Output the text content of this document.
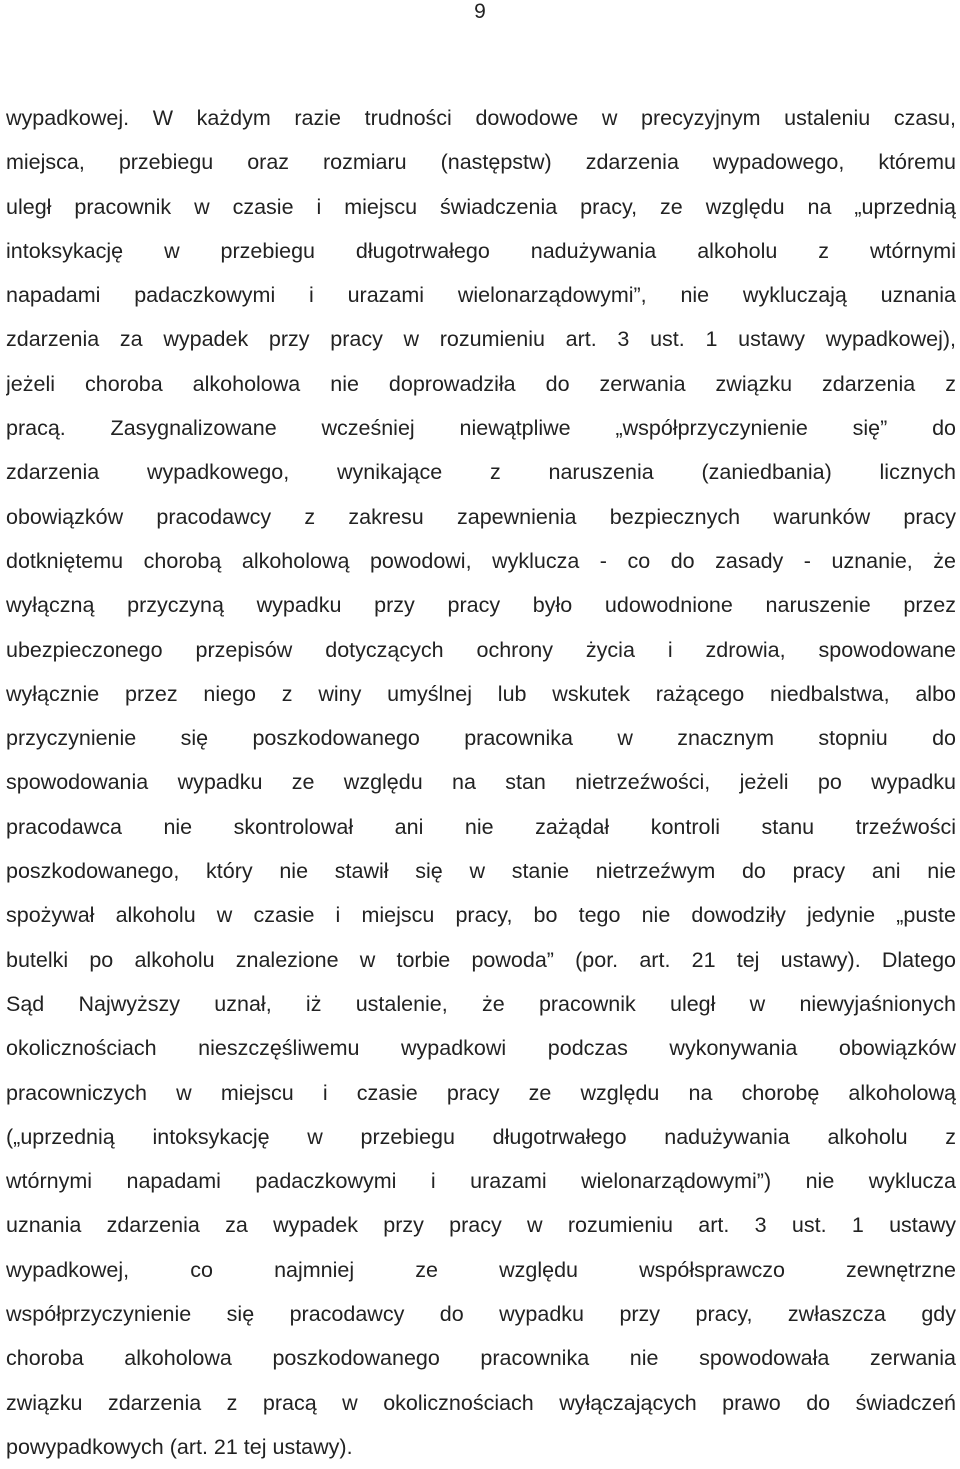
9
wypadkowej. W każdym razie trudności dowodowe w precyzyjnym ustaleniu czasu,
miejsca, przebiegu oraz rozmiaru (następstw) zdarzenia wypadowego, któremu
uległ pracownik w czasie i miejscu świadczenia pracy, ze względu na „uprzednią
intoksykację w przebiegu długotrwałego nadużywania alkoholu z wtórnymi
napadami padaczkowymi i urazami wielonarządowymi”, nie wykluczają uznania
zdarzenia za wypadek przy pracy w rozumieniu art. 3 ust. 1 ustawy wypadkowej),
jeżeli choroba alkoholowa nie doprowadziła do zerwania związku zdarzenia z
pracą. Zasygnalizowane wcześniej niewątpliwe „współprzyczynienie się” do
zdarzenia wypadkowego, wynikające z naruszenia (zaniedbania) licznych
obowiązków pracodawcy z zakresu zapewnienia bezpiecznych warunków pracy
dotkniętemu chorobą alkoholową powodowi, wyklucza - co do zasady - uznanie, że
wyłączną przyczyną wypadku przy pracy było udowodnione naruszenie przez
ubezpieczonego przepisów dotyczących ochrony życia i zdrowia, spowodowane
wyłącznie przez niego z winy umyślnej lub wskutek rażącego niedbalstwa, albo
przyczynienie się poszkodowanego pracownika w znacznym stopniu do
spowodowania wypadku ze względu na stan nietrzeźwości, jeżeli po wypadku
pracodawca nie skontrolował ani nie zażądał kontroli stanu trzeźwości
poszkodowanego, który nie stawił się w stanie nietrzeźwym do pracy ani nie
spożywał alkoholu w czasie i miejscu pracy, bo tego nie dowodziły jedynie „puste
butelki po alkoholu znalezione w torbie powoda” (por. art. 21 tej ustawy). Dlatego
Sąd Najwyższy uznał, iż ustalenie, że pracownik uległ w niewyjaśnionych
okolicznościach nieszczęśliwemu wypadkowi podczas wykonywania obowiązków
pracowniczych w miejscu i czasie pracy ze względu na chorobę alkoholową
(„uprzednią intoksykację w przebiegu długotrwałego nadużywania alkoholu z
wtórnymi napadami padaczkowymi i urazami wielonarządowymi”) nie wyklucza
uznania zdarzenia za wypadek przy pracy w rozumieniu art. 3 ust. 1 ustawy
wypadkowej, co najmniej ze względu współsprawczo zewnętrzne
współprzyczynienie się pracodawcy do wypadku przy pracy, zwłaszcza gdy
choroba alkoholowa poszkodowanego pracownika nie spowodowała zerwania
związku zdarzenia z pracą w okolicznościach wyłączających prawo do świadczeń
powypadkowych (art. 21 tej ustawy).
